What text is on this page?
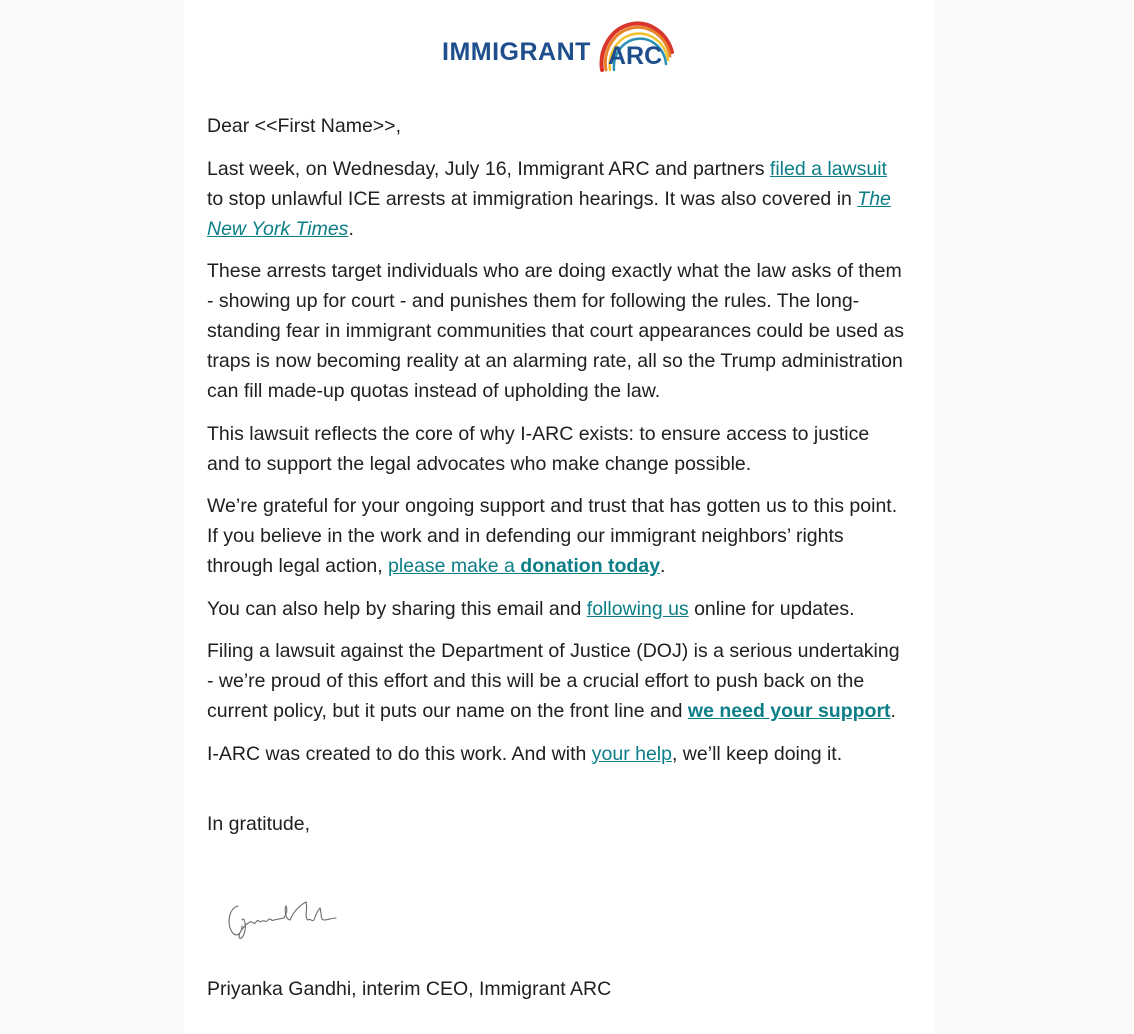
IMMIGRANT ARC

Dear <<First Name>>,

Last week, on Wednesday, July 16, Immigrant ARC and partners filed a lawsuit to stop unlawful ICE arrests at immigration hearings. It was also covered in The New York Times.

These arrests target individuals who are doing exactly what the law asks of them - showing up for court - and punishes them for following the rules. The long-standing fear in immigrant communities that court appearances could be used as traps is now becoming reality at an alarming rate, all so the Trump administration can fill made-up quotas instead of upholding the law.

This lawsuit reflects the core of why I-ARC exists: to ensure access to justice and to support the legal advocates who make change possible.

We’re grateful for your ongoing support and trust that has gotten us to this point. If you believe in the work and in defending our immigrant neighbors’ rights through legal action, please make a donation today.

You can also help by sharing this email and following us online for updates.

Filing a lawsuit against the Department of Justice (DOJ) is a serious undertaking - we’re proud of this effort and this will be a crucial effort to push back on the current policy, but it puts our name on the front line and we need your support.

I-ARC was created to do this work. And with your help, we’ll keep doing it.

In gratitude,

Priyanka Gandhi, interim CEO, Immigrant ARC
